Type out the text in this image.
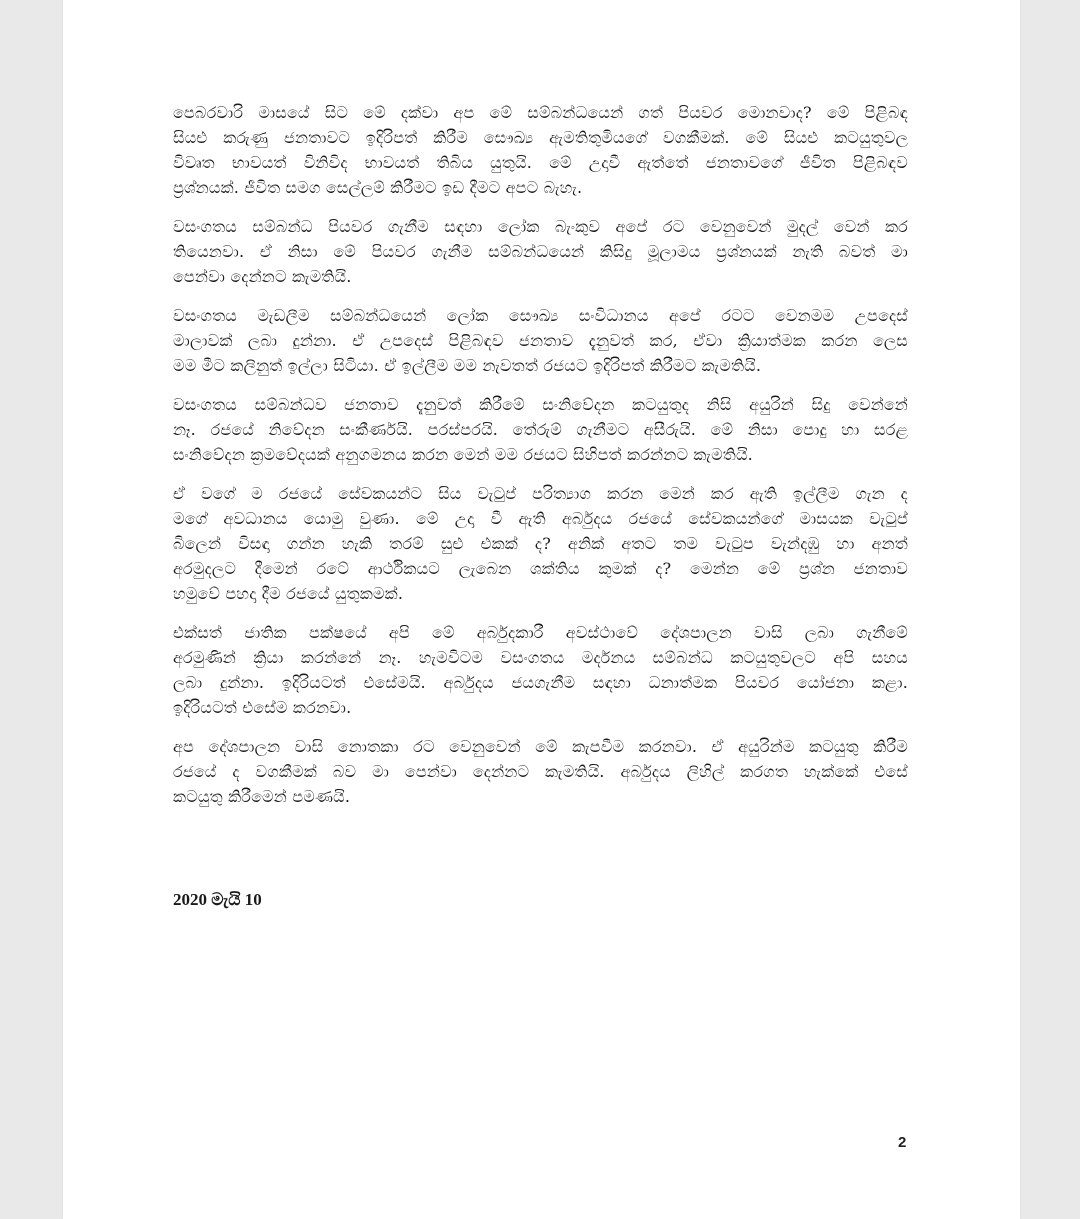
පෙබරවාරි මාසයේ සිට මේ දක්වා අප මේ සම්බන්ධයෙන් ගත් පියවර මොනවාද? මේ පිළිබඳ
සියළු කරුණු ජනතාවට ඉදිරිපත් කිරීම සෞඛ්‍ය ඇමතිතුමියගේ වගකීමක්. මේ සියළු කටයුතුවල
විවෘත භාවයත් විනිවිද භාවයත් තිබිය යුතුයි. මේ උදාවී ඇත්තේ ජනතාවගේ ජීවිත පිළිබඳව
ප්‍රශ්නයක්. ජීවිත සමග සෙල්ලම් කිරීමට ඉඩ දීමට අපට බැහැ.
වසංගතය සම්බන්ධ පියවර ගැනීම සඳහා ලෝක බැංකුව අපේ රට වෙනුවෙන් මුදල් වෙන් කර
තියෙනවා. ඒ නිසා මේ පියවර ගැනීම සම්බන්ධයෙන් කිසිදු මූලාමය ප්‍රශ්නයක් නැති බවත් මා
පෙන්වා දෙන්නට කැමතියි.
වසංගතය මැඩලීම සම්බන්ධයෙන් ලෝක සෞඛ්‍ය සංවිධානය අපේ රටට වෙනමම උපදෙස්
මාලාවක් ලබා දුන්නා. ඒ උපදෙස් පිළිබඳව ජනතාව දැනුවත් කර, ඒවා ක්‍රියාත්මක කරන ලෙස
මම මීට කලිනුත් ඉල්ලා සිටියා. ඒ ඉල්ලීම මම නැවතත් රජයට ඉදිරිපත් කිරීමට කැමතියි.
වසංගතය සම්බන්ධව ජනතාව දැනුවත් කිරීමේ සංනිවේදන කටයුතුද නිසි අයුරින් සිදු වෙන්නේ
නෑ. රජයේ නිවේදන සංකීර්ණයි. පරස්පරයි. තේරුම් ගැනීමට අසීරුයි. මේ නිසා පොදු හා සරළ
සංනිවේදන ක්‍රමවේදයක් අනුගමනය කරන මෙන් මම රජයට සිහිපත් කරන්නට කැමතියි.
ඒ වගේ ම රජයේ සේවකයන්ට සිය වැටුප් පරිත්‍යාග කරන මෙන් කර ඇති ඉල්ලීම ගැන ද
මගේ අවධානය යොමු වුණා. මේ උදා වී ඇති අර්බුදය රජයේ සේවකයන්ගේ මාසයක වැටුප්
බිලෙන් විසඳා ගන්න හැකි තරම් සුළු එකක් ද? අනික් අතට තම වැටුප වැන්දඹු හා අනත්
අරමුදලට දීමෙන් රටේ ආර්ථිකයට ලැබෙන ශක්තිය කුමක් ද? මෙන්න මේ ප්‍රශ්න ජනතාව
හමුවේ පහදා දීම රජයේ යුතුකමක්.
එක්සත් ජාතික පක්ෂයේ අපි මේ අර්බුදකාරී අවස්ථාවේ දේශපාලන වාසි ලබා ගැනීමේ
අරමුණින් ක්‍රියා කරන්නේ නෑ. හැමවිටම වසංගතය මර්දනය සම්බන්ධ කටයුතුවලට අපි සහය
ලබා දුන්නා. ඉදිරියටත් එසේමයි. අර්බුදය ජයගැනීම සඳහා ධනාත්මක පියවර යෝජනා කළා.
ඉදිරියටත් එසේම කරනවා.
අප දේශපාලන වාසි නොතකා රට වෙනුවෙන් මේ කැපවීම කරනවා. ඒ අයුරින්ම කටයුතු කිරීම
රජයේ ද වගකීමක් බව මා පෙන්වා දෙන්නට කැමතියි. අර්බුදය ලිහිල් කරගත හැක්කේ එසේ
කටයුතු කිරීමෙන් පමණයි.
2020 මැයි 10
2
